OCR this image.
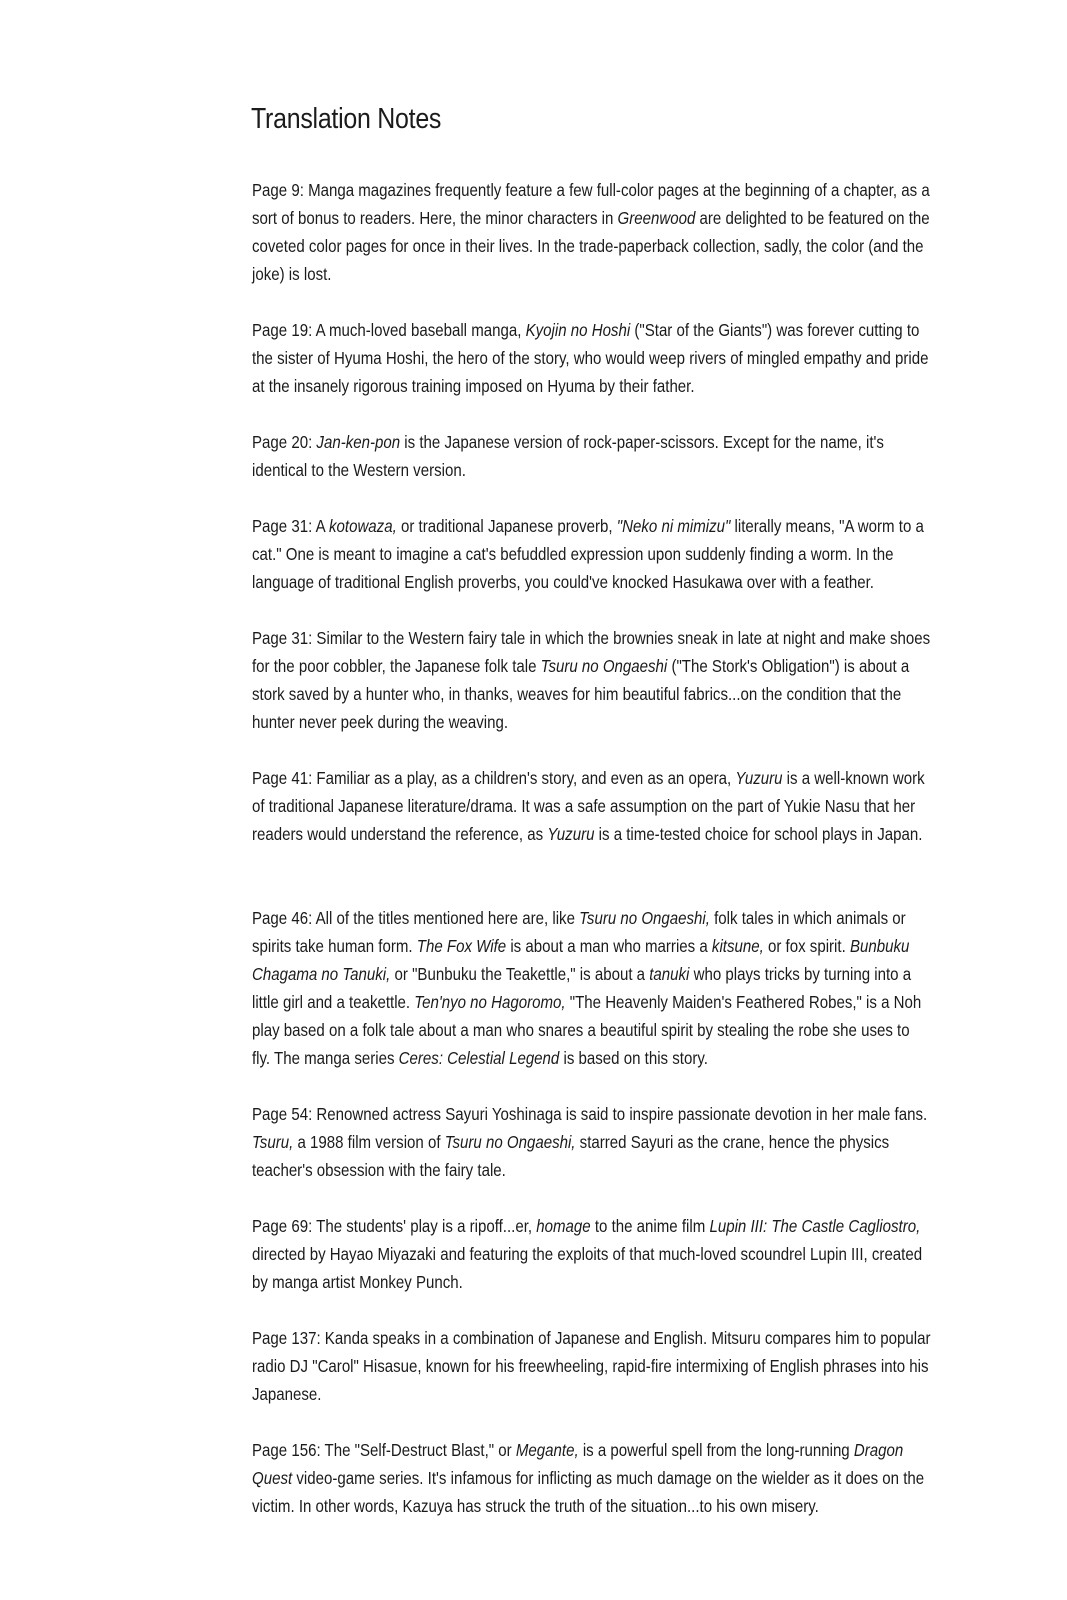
Translation Notes

Page 9: Manga magazines frequently feature a few full-color pages at the beginning of a chapter, as a sort of bonus to readers. Here, the minor characters in Greenwood are delighted to be featured on the coveted color pages for once in their lives. In the trade-paperback collection, sadly, the color (and the joke) is lost.

Page 19: A much-loved baseball manga, Kyojin no Hoshi ("Star of the Giants") was forever cutting to the sister of Hyuma Hoshi, the hero of the story, who would weep rivers of mingled empathy and pride at the insanely rigorous training imposed on Hyuma by their father.

Page 20: Jan-ken-pon is the Japanese version of rock-paper-scissors. Except for the name, it's identical to the Western version.

Page 31: A kotowaza, or traditional Japanese proverb, "Neko ni mimizu" literally means, "A worm to a cat." One is meant to imagine a cat's befuddled expression upon suddenly finding a worm. In the language of traditional English proverbs, you could've knocked Hasukawa over with a feather.

Page 31: Similar to the Western fairy tale in which the brownies sneak in late at night and make shoes for the poor cobbler, the Japanese folk tale Tsuru no Ongaeshi ("The Stork's Obligation") is about a stork saved by a hunter who, in thanks, weaves for him beautiful fabrics...on the condition that the hunter never peek during the weaving.

Page 41: Familiar as a play, as a children's story, and even as an opera, Yuzuru is a well-known work of traditional Japanese literature/drama. It was a safe assumption on the part of Yukie Nasu that her readers would understand the reference, as Yuzuru is a time-tested choice for school plays in Japan.

Page 46: All of the titles mentioned here are, like Tsuru no Ongaeshi, folk tales in which animals or spirits take human form. The Fox Wife is about a man who marries a kitsune, or fox spirit. Bunbuku Chagama no Tanuki, or "Bunbuku the Teakettle," is about a tanuki who plays tricks by turning into a little girl and a teakettle. Ten'nyo no Hagoromo, "The Heavenly Maiden's Feathered Robes," is a Noh play based on a folk tale about a man who snares a beautiful spirit by stealing the robe she uses to fly. The manga series Ceres: Celestial Legend is based on this story.

Page 54: Renowned actress Sayuri Yoshinaga is said to inspire passionate devotion in her male fans. Tsuru, a 1988 film version of Tsuru no Ongaeshi, starred Sayuri as the crane, hence the physics teacher's obsession with the fairy tale.

Page 69: The students' play is a ripoff...er, homage to the anime film Lupin III: The Castle Cagliostro, directed by Hayao Miyazaki and featuring the exploits of that much-loved scoundrel Lupin III, created by manga artist Monkey Punch.

Page 137: Kanda speaks in a combination of Japanese and English. Mitsuru compares him to popular radio DJ "Carol" Hisasue, known for his freewheeling, rapid-fire intermixing of English phrases into his Japanese.

Page 156: The "Self-Destruct Blast," or Megante, is a powerful spell from the long-running Dragon Quest video-game series. It's infamous for inflicting as much damage on the wielder as it does on the victim. In other words, Kazuya has struck the truth of the situation...to his own misery.
